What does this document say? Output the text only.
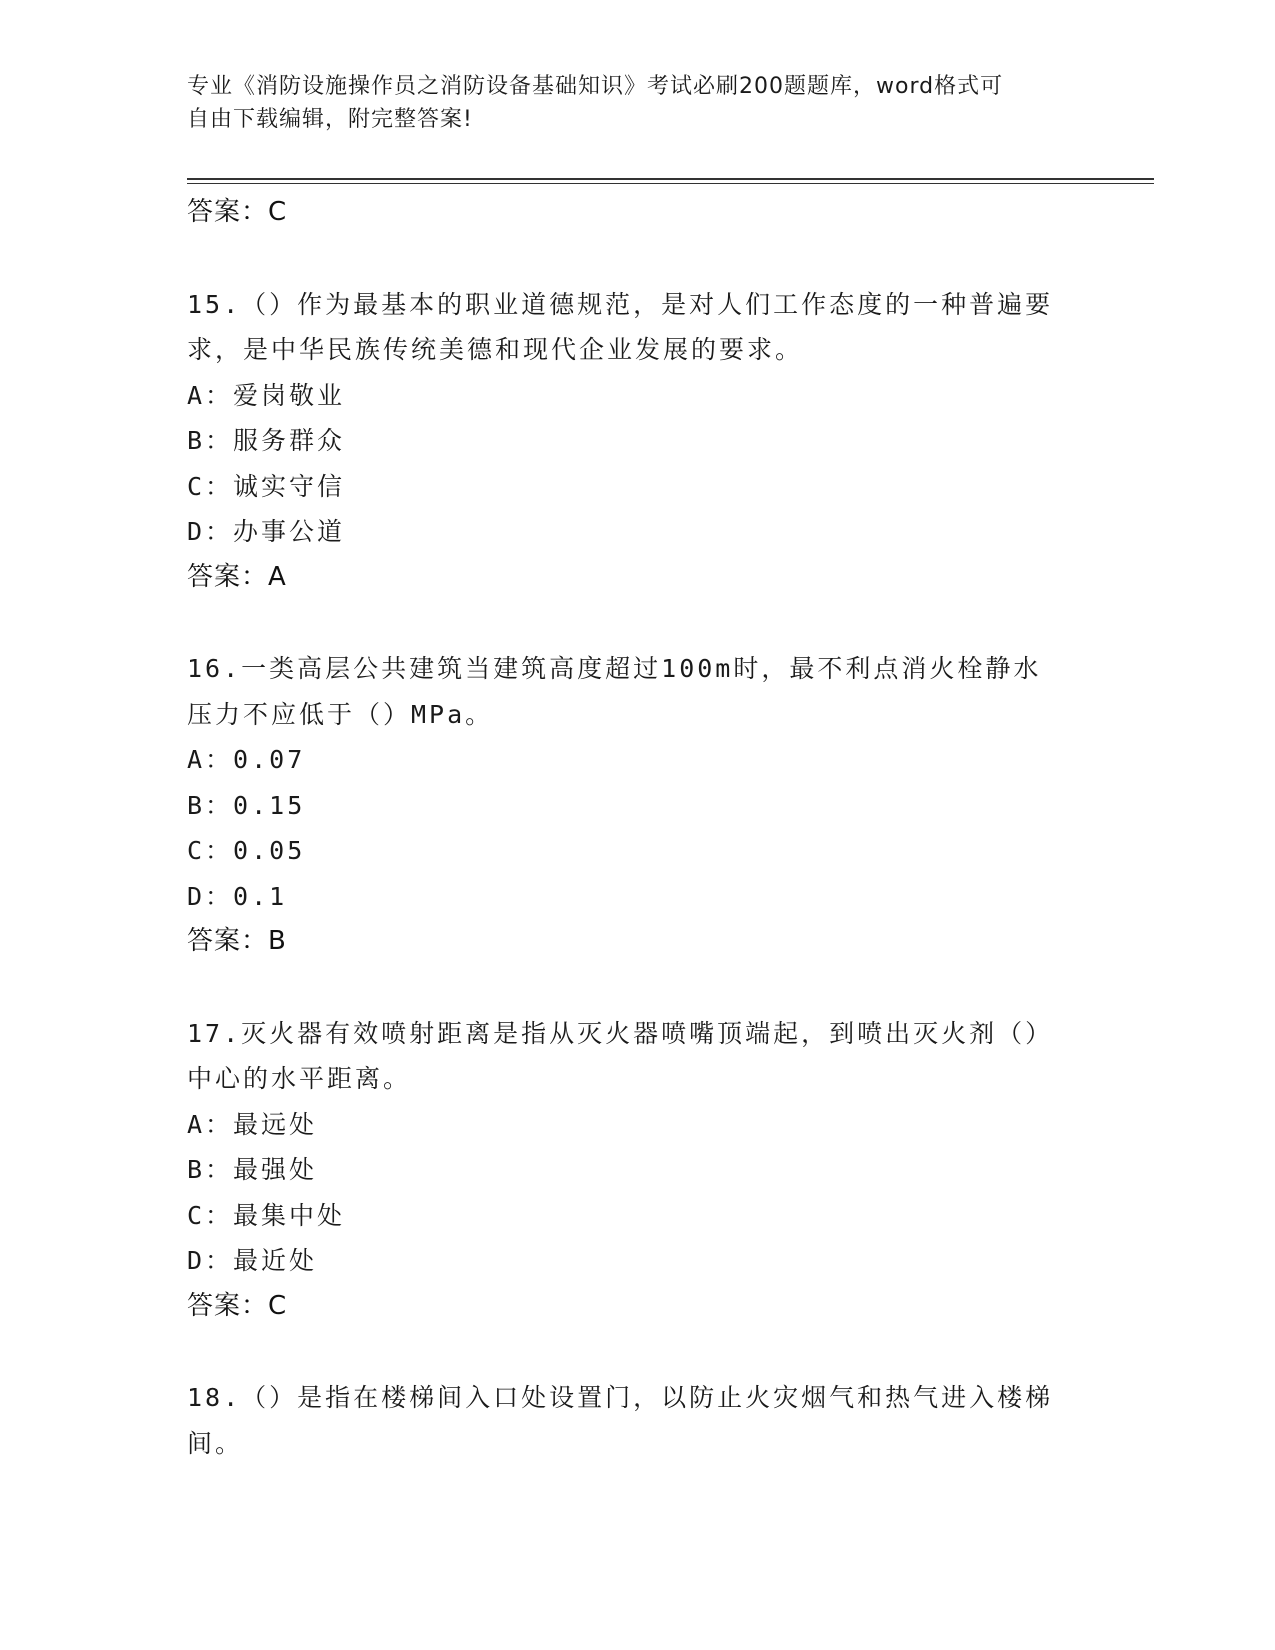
专业《消防设施操作员之消防设备基础知识》考试必刷200题题库，word格式可
自由下载编辑，附完整答案!
答案：C
15.（）作为最基本的职业道德规范，是对人们工作态度的一种普遍要
求，是中华民族传统美德和现代企业发展的要求。
A：爱岗敬业
B：服务群众
C：诚实守信
D：办事公道
答案：A
16.一类高层公共建筑当建筑高度超过100m时，最不利点消火栓静水
压力不应低于（）MPa。
A：0.07
B：0.15
C：0.05
D：0.1
答案：B
17.灭火器有效喷射距离是指从灭火器喷嘴顶端起，到喷出灭火剂（）
中心的水平距离。
A：最远处
B：最强处
C：最集中处
D：最近处
答案：C
18.（）是指在楼梯间入口处设置门，以防止火灾烟气和热气进入楼梯
间。
